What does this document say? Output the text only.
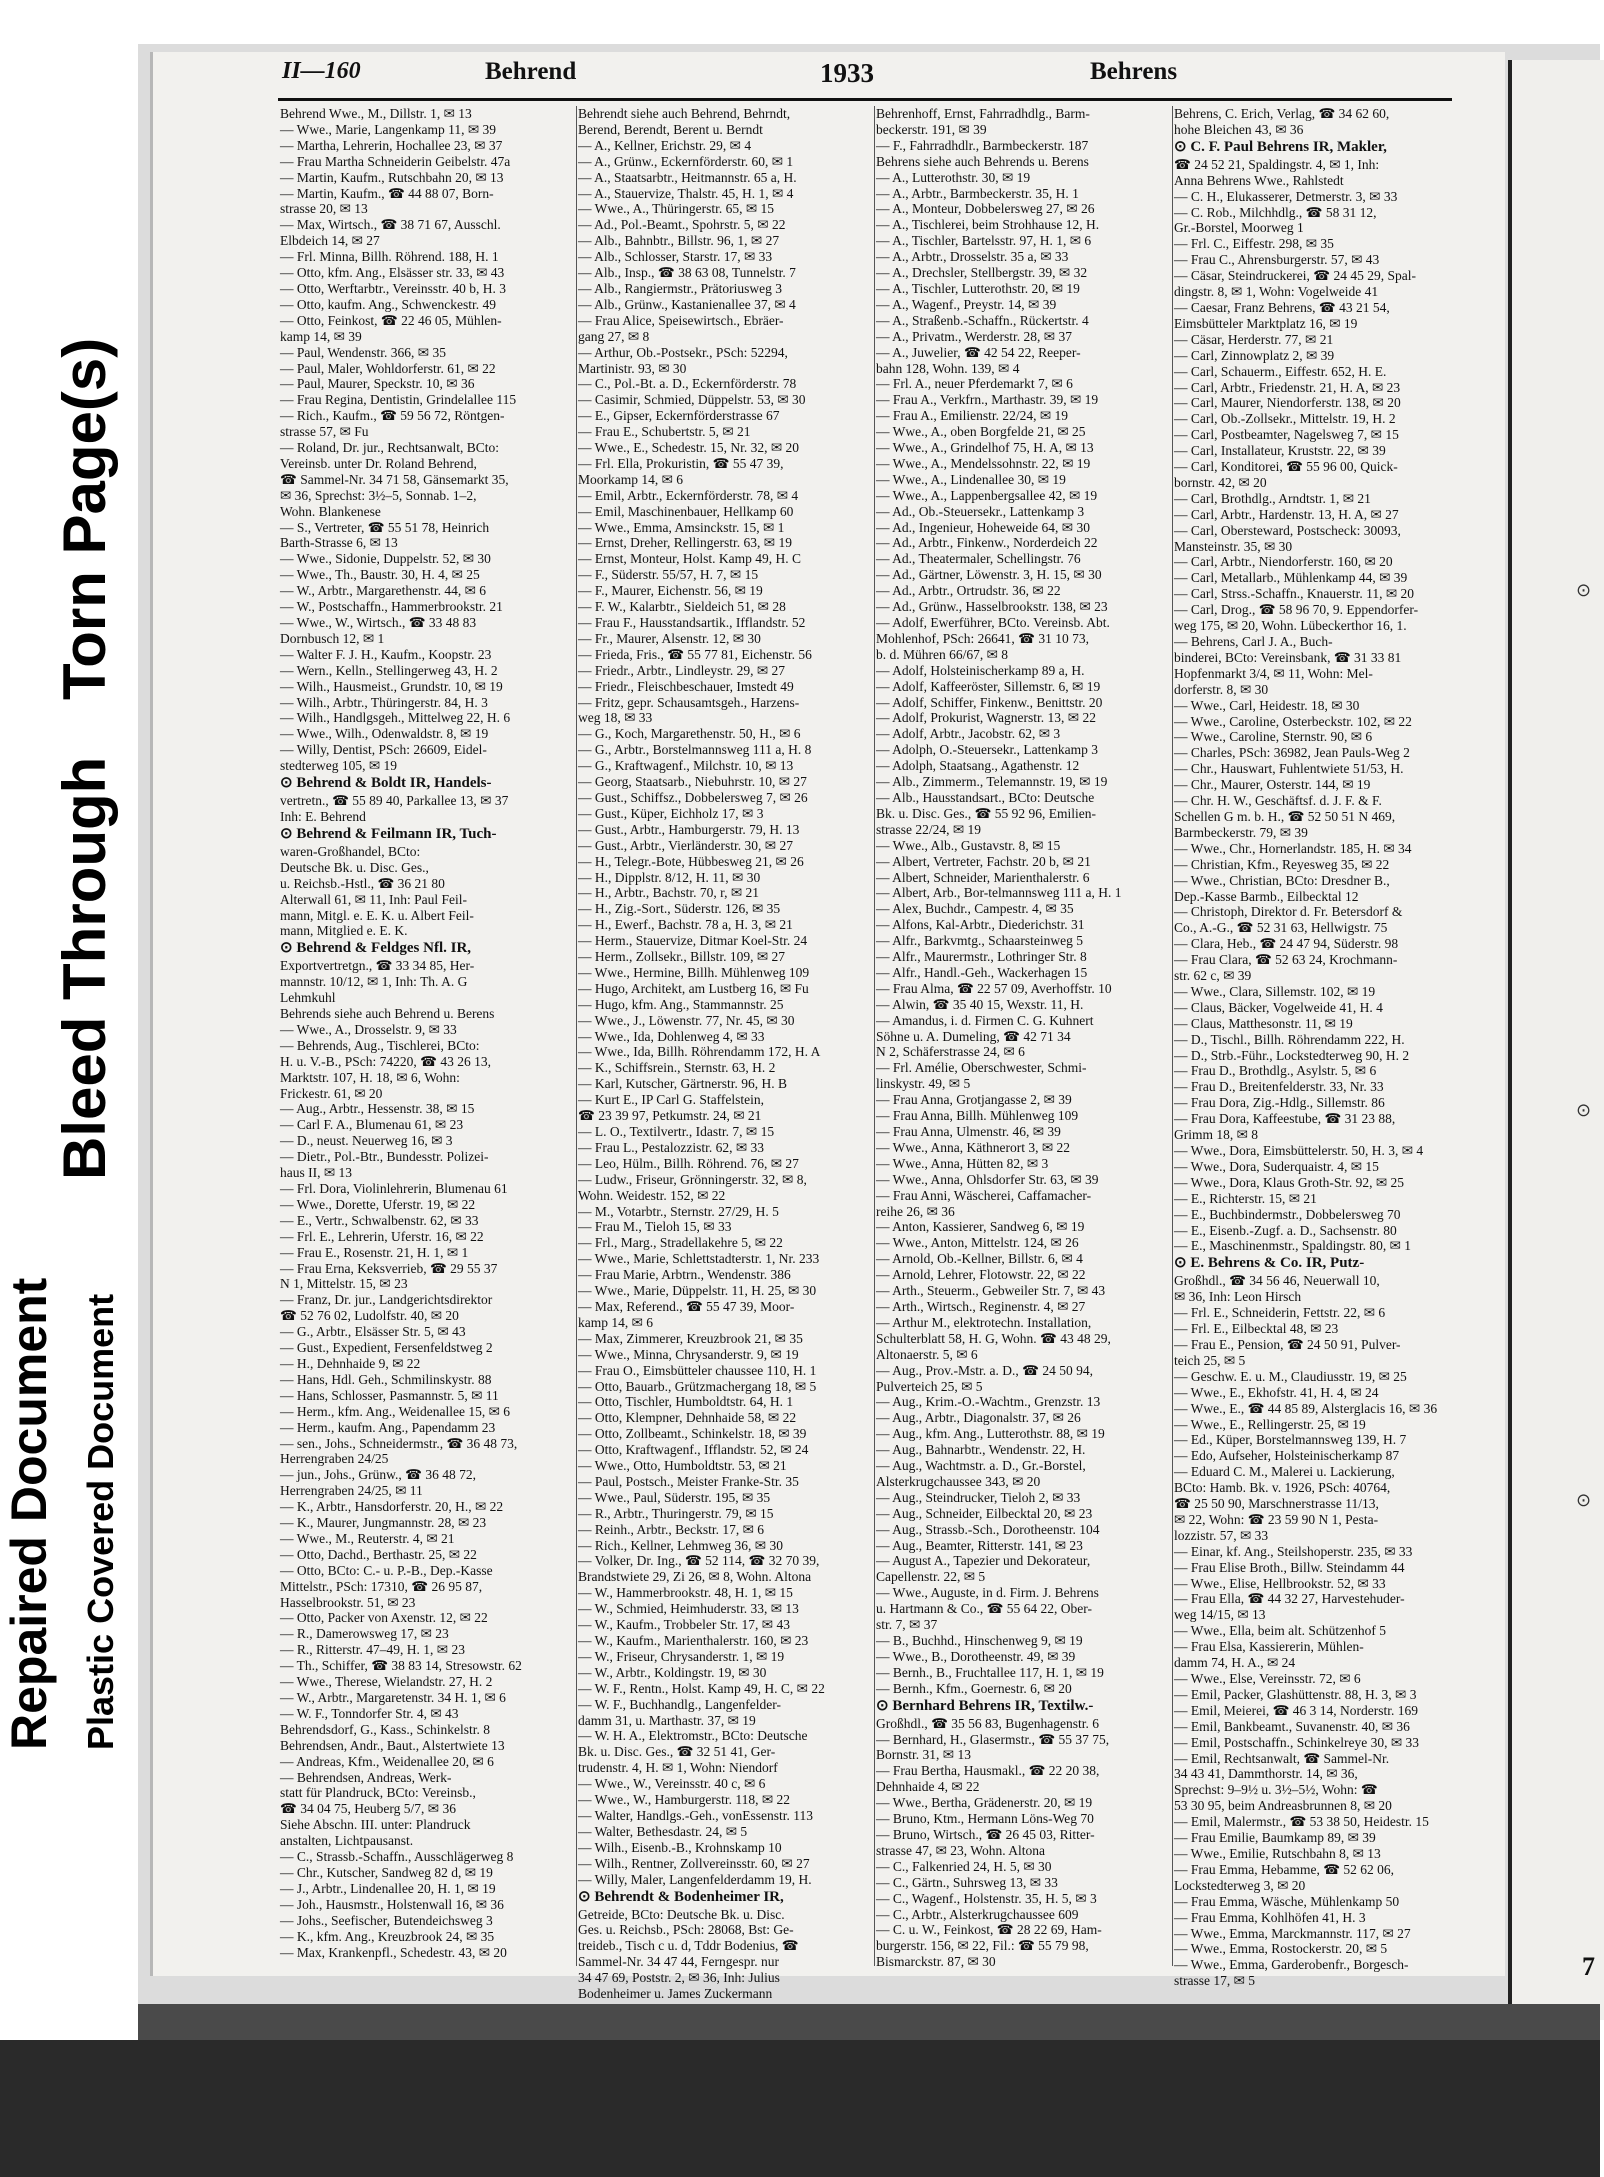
Repaired Document Plastic Covered Document
Bleed Through
Torn Page(s)	⊙
⊙
⊙
7
II—160	Behrend	1933	Behrens
Behrend Wwe., M., Dillstr. 1, ✉ 13
— Wwe., Marie, Langenkamp 11, ✉ 39
— Martha, Lehrerin, Hochallee 23, ✉ 37
— Frau Martha Schneiderin Geibelstr. 47a
— Martin, Kaufm., Rutschbahn 20, ✉ 13
— Martin, Kaufm., ☎ 44 88 07, Born-
strasse 20, ✉ 13
— Max, Wirtsch., ☎ 38 71 67, Ausschl.
Elbdeich 14, ✉ 27
— Frl. Minna, Billh. Röhrend. 188, H. 1
— Otto, kfm. Ang., Elsässer str. 33, ✉ 43
— Otto, Werftarbtr., Vereinsstr. 40 b, H. 3
— Otto, kaufm. Ang., Schwenckestr. 49
— Otto, Feinkost, ☎ 22 46 05, Mühlen-
kamp 14, ✉ 39
— Paul, Wendenstr. 366, ✉ 35
— Paul, Maler, Wohldorferstr. 61, ✉ 22
— Paul, Maurer, Speckstr. 10, ✉ 36
— Frau Regina, Dentistin, Grindelallee 115
— Rich., Kaufm., ☎ 59 56 72, Röntgen-
strasse 57, ✉ Fu
— Roland, Dr. jur., Rechtsanwalt, BCto:
Vereinsb. unter Dr. Roland Behrend,
☎ Sammel-Nr. 34 71 58, Gänsemarkt 35,
✉ 36, Sprechst: 3½–5, Sonnab. 1–2,
Wohn. Blankenese
— S., Vertreter, ☎ 55 51 78, Heinrich
Barth-Strasse 6, ✉ 13
— Wwe., Sidonie, Duppelstr. 52, ✉ 30
— Wwe., Th., Baustr. 30, H. 4, ✉ 25
— W., Arbtr., Margarethenstr. 44, ✉ 6
— W., Postschaffn., Hammerbrookstr. 21
— Wwe., W., Wirtsch., ☎ 33 48 83
Dornbusch 12, ✉ 1
— Walter F. J. H., Kaufm., Koopstr. 23
— Wern., Kelln., Stellingerweg 43, H. 2
— Wilh., Hausmeist., Grundstr. 10, ✉ 19
— Wilh., Arbtr., Thüringerstr. 84, H. 3
— Wilh., Handlgsgeh., Mittelweg 22, H. 6
— Wwe., Wilh., Odenwaldstr. 8, ✉ 19
— Willy, Dentist, PSch: 26609, Eidel-
stedterweg 105, ✉ 19
⊙ Behrend & Boldt IR, Handels-
vertretn., ☎ 55 89 40, Parkallee 13, ✉ 37
Inh: E. Behrend
⊙ Behrend & Feilmann IR, Tuch-
waren-Großhandel, BCto:
Deutsche Bk. u. Disc. Ges.,
u. Reichsb.-Hstl., ☎ 36 21 80
Alterwall 61, ✉ 11, Inh: Paul Feil-
mann, Mitgl. e. E. K. u. Albert Feil-
mann, Mitglied e. E. K.
⊙ Behrend & Feldges Nfl. IR,
Exportvertretgn., ☎ 33 34 85, Her-
mannstr. 10/12, ✉ 1, Inh: Th. A. G
Lehmkuhl
Behrends siehe auch Behrend u. Berens
— Wwe., A., Drosselstr. 9, ✉ 33
— Behrends, Aug., Tischlerei, BCto:
H. u. V.-B., PSch: 74220, ☎ 43 26 13,
Marktstr. 107, H. 18, ✉ 6, Wohn:
Frickestr. 61, ✉ 20
— Aug., Arbtr., Hessenstr. 38, ✉ 15
— Carl F. A., Blumenau 61, ✉ 23
— D., neust. Neuerweg 16, ✉ 3
— Dietr., Pol.-Btr., Bundesstr. Polizei-
haus II, ✉ 13
— Frl. Dora, Violinlehrerin, Blumenau 61
— Wwe., Dorette, Uferstr. 19, ✉ 22
— E., Vertr., Schwalbenstr. 62, ✉ 33
— Frl. E., Lehrerin, Uferstr. 16, ✉ 22
— Frau E., Rosenstr. 21, H. 1, ✉ 1
— Frau Erna, Keksverrieb, ☎ 29 55 37
N 1, Mittelstr. 15, ✉ 23
— Franz, Dr. jur., Landgerichtsdirektor
☎ 52 76 02, Ludolfstr. 40, ✉ 20
— G., Arbtr., Elsässer Str. 5, ✉ 43
— Gust., Expedient, Fersenfeldstweg 2
— H., Dehnhaide 9, ✉ 22
— Hans, Hdl. Geh., Schmilinskystr. 88
— Hans, Schlosser, Pasmannstr. 5, ✉ 11
— Herm., kfm. Ang., Weidenallee 15, ✉ 6
— Herm., kaufm. Ang., Papendamm 23
— sen., Johs., Schneidermstr., ☎ 36 48 73,
Herrengraben 24/25
— jun., Johs., Grünw., ☎ 36 48 72,
Herrengraben 24/25, ✉ 11
— K., Arbtr., Hansdorferstr. 20, H., ✉ 22
— K., Maurer, Jungmannstr. 28, ✉ 23
— Wwe., M., Reuterstr. 4, ✉ 21
— Otto, Dachd., Berthastr. 25, ✉ 22
— Otto, BCto: C.- u. P.-B., Dep.-Kasse
Mittelstr., PSch: 17310, ☎ 26 95 87,
Hasselbrookstr. 51, ✉ 23
— Otto, Packer von Axenstr. 12, ✉ 22
— R., Damerowsweg 17, ✉ 23
— R., Ritterstr. 47–49, H. 1, ✉ 23
— Th., Schiffer, ☎ 38 83 14, Stresowstr. 62
— Wwe., Therese, Wielandstr. 27, H. 2
— W., Arbtr., Margaretenstr. 34 H. 1, ✉ 6
— W. F., Tonndorfer Str. 4, ✉ 43
Behrendsdorf, G., Kass., Schinkelstr. 8
Behrendsen, Andr., Baut., Alstertwiete 13
— Andreas, Kfm., Weidenallee 20, ✉ 6
— Behrendsen, Andreas, Werk-
statt für Plandruck, BCto: Vereinsb.,
☎ 34 04 75, Heuberg 5/7, ✉ 36
Siehe Abschn. III. unter: Plandruck
anstalten, Lichtpausanst.
— C., Strassb.-Schaffn., Ausschlägerweg 8
— Chr., Kutscher, Sandweg 82 d, ✉ 19
— J., Arbtr., Lindenallee 20, H. 1, ✉ 19
— Joh., Hausmstr., Holstenwall 16, ✉ 36
— Johs., Seefischer, Butendeichsweg 3
— K., kfm. Ang., Kreuzbrook 24, ✉ 35
— Max, Krankenpfl., Schedestr. 43, ✉ 20
Behrendt siehe auch Behrend, Behrndt,
Berend, Berendt, Berent u. Berndt
— A., Kellner, Erichstr. 29, ✉ 4
— A., Grünw., Eckernförderstr. 60, ✉ 1
— A., Staatsarbtr., Heitmannstr. 65 a, H.
— A., Stauervize, Thalstr. 45, H. 1, ✉ 4
— Wwe., A., Thüringerstr. 65, ✉ 15
— Ad., Pol.-Beamt., Spohrstr. 5, ✉ 22
— Alb., Bahnbtr., Billstr. 96, 1, ✉ 27
— Alb., Schlosser, Starstr. 17, ✉ 33
— Alb., Insp., ☎ 38 63 08, Tunnelstr. 7
— Alb., Rangiermstr., Prätoriusweg 3
— Alb., Grünw., Kastanienallee 37, ✉ 4
— Frau Alice, Speisewirtsch., Ebräer-
gang 27, ✉ 8
— Arthur, Ob.-Postsekr., PSch: 52294,
Martinistr. 93, ✉ 30
— C., Pol.-Bt. a. D., Eckernförderstr. 78
— Casimir, Schmied, Düppelstr. 53, ✉ 30
— E., Gipser, Eckernförderstrasse 67
— Frau E., Schubertstr. 5, ✉ 21
— Wwe., E., Schedestr. 15, Nr. 32, ✉ 20
— Frl. Ella, Prokuristin, ☎ 55 47 39,
Moorkamp 14, ✉ 6
— Emil, Arbtr., Eckernförderstr. 78, ✉ 4
— Emil, Maschinenbauer, Hellkamp 60
— Wwe., Emma, Amsinckstr. 15, ✉ 1
— Ernst, Dreher, Rellingerstr. 63, ✉ 19
— Ernst, Monteur, Holst. Kamp 49, H. C
— F., Süderstr. 55/57, H. 7, ✉ 15
— F., Maurer, Eichenstr. 56, ✉ 19
— F. W., Kalarbtr., Sieldeich 51, ✉ 28
— Frau F., Hausstandsartik., Ifflandstr. 52
— Fr., Maurer, Alsenstr. 12, ✉ 30
— Frieda, Fris., ☎ 55 77 81, Eichenstr. 56
— Friedr., Arbtr., Lindleystr. 29, ✉ 27
— Friedr., Fleischbeschauer, Imstedt 49
— Fritz, gepr. Schausamtsgeh., Harzens-
weg 18, ✉ 33
— G., Koch, Margarethenstr. 50, H., ✉ 6
— G., Arbtr., Borstelmannsweg 111 a, H. 8
— G., Kraftwagenf., Milchstr. 10, ✉ 13
— Georg, Staatsarb., Niebuhrstr. 10, ✉ 27
— Gust., Schiffsz., Dobbelersweg 7, ✉ 26
— Gust., Küper, Eichholz 17, ✉ 3
— Gust., Arbtr., Hamburgerstr. 79, H. 13
— Gust., Arbtr., Vierländerstr. 30, ✉ 27
— H., Telegr.-Bote, Hübbesweg 21, ✉ 26
— H., Dipplstr. 8/12, H. 11, ✉ 30
— H., Arbtr., Bachstr. 70, r, ✉ 21
— H., Zig.-Sort., Süderstr. 126, ✉ 35
— H., Ewerf., Bachstr. 78 a, H. 3, ✉ 21
— Herm., Stauervize, Ditmar Koel-Str. 24
— Herm., Zollsekr., Billstr. 109, ✉ 27
— Wwe., Hermine, Billh. Mühlenweg 109
— Hugo, Architekt, am Lustberg 16, ✉ Fu
— Hugo, kfm. Ang., Stammannstr. 25
— Wwe., J., Löwenstr. 77, Nr. 45, ✉ 30
— Wwe., Ida, Dohlenweg 4, ✉ 33
— Wwe., Ida, Billh. Röhrendamm 172, H. A
— K., Schiffsrein., Sternstr. 63, H. 2
— Karl, Kutscher, Gärtnerstr. 96, H. B
— Kurt E., IP Carl G. Staffelstein,
☎ 23 39 97, Petkumstr. 24, ✉ 21
— L. O., Textilvertr., Idastr. 7, ✉ 15
— Frau L., Pestalozzistr. 62, ✉ 33
— Leo, Hülm., Billh. Röhrend. 76, ✉ 27
— Ludw., Friseur, Grönningerstr. 32, ✉ 8,
Wohn. Weidestr. 152, ✉ 22
— M., Votarbtr., Sternstr. 27/29, H. 5
— Frau M., Tieloh 15, ✉ 33
— Frl., Marg., Stradellakehre 5, ✉ 22
— Wwe., Marie, Schlettstadterstr. 1, Nr. 233
— Frau Marie, Arbtrn., Wendenstr. 386
— Wwe., Marie, Düppelstr. 11, H. 25, ✉ 30
— Max, Referend., ☎ 55 47 39, Moor-
kamp 14, ✉ 6
— Max, Zimmerer, Kreuzbrook 21, ✉ 35
— Wwe., Minna, Chrysanderstr. 9, ✉ 19
— Frau O., Eimsbütteler chaussee 110, H. 1
— Otto, Bauarb., Grützmachergang 18, ✉ 5
— Otto, Tischler, Humboldtstr. 64, H. 1
— Otto, Klempner, Dehnhaide 58, ✉ 22
— Otto, Zollbeamt., Schinkelstr. 18, ✉ 39
— Otto, Kraftwagenf., Ifflandstr. 52, ✉ 24
— Wwe., Otto, Humboldtstr. 53, ✉ 21
— Paul, Postsch., Meister Franke-Str. 35
— Wwe., Paul, Süderstr. 195, ✉ 35
— R., Arbtr., Thuringerstr. 79, ✉ 15
— Reinh., Arbtr., Beckstr. 17, ✉ 6
— Rich., Kellner, Lehmweg 36, ✉ 30
— Volker, Dr. Ing., ☎ 52 114, ☎ 32 70 39,
Brandstwiete 29, Zi 26, ✉ 8, Wohn. Altona
— W., Hammerbrookstr. 48, H. 1, ✉ 15
— W., Schmied, Heimhuderstr. 33, ✉ 13
— W., Kaufm., Trobbeler Str. 17, ✉ 43
— W., Kaufm., Marienthalerstr. 160, ✉ 23
— W., Friseur, Chrysanderstr. 1, ✉ 19
— W., Arbtr., Koldingstr. 19, ✉ 30
— W. F., Rentn., Holst. Kamp 49, H. C, ✉ 22
— W. F., Buchhandlg., Langenfelder-
damm 31, u. Marthastr. 37, ✉ 19
— W. H. A., Elektromstr., BCto: Deutsche
Bk. u. Disc. Ges., ☎ 32 51 41, Ger-
trudenstr. 4, H. ✉ 1, Wohn: Niendorf
— Wwe., W., Vereinsstr. 40 c, ✉ 6
— Wwe., W., Hamburgerstr. 118, ✉ 22
— Walter, Handlgs.-Geh., vonEssenstr. 113
— Walter, Bethesdastr. 24, ✉ 5
— Wilh., Eisenb.-B., Krohnskamp 10
— Wilh., Rentner, Zollvereinsstr. 60, ✉ 27
— Willy, Maler, Langenfelderdamm 19, H.
⊙ Behrendt & Bodenheimer IR,
Getreide, BCto: Deutsche Bk. u. Disc.
Ges. u. Reichsb., PSch: 28068, Bst: Ge-
treideb., Tisch c u. d, Tddr Bodenius, ☎
Sammel-Nr. 34 47 44, Ferngespr. nur
34 47 69, Poststr. 2, ✉ 36, Inh: Julius
Bodenheimer u. James Zuckermann
Behrenhoff, Ernst, Fahrradhdlg., Barm-
beckerstr. 191, ✉ 39
— F., Fahrradhdlr., Barmbeckerstr. 187
Behrens siehe auch Behrends u. Berens
— A., Lutterothstr. 30, ✉ 19
— A., Arbtr., Barmbeckerstr. 35, H. 1
— A., Monteur, Dobbelersweg 27, ✉ 26
— A., Tischlerei, beim Strohhause 12, H.
— A., Tischler, Bartelsstr. 97, H. 1, ✉ 6
— A., Arbtr., Drosselstr. 35 a, ✉ 33
— A., Drechsler, Stellbergstr. 39, ✉ 32
— A., Tischler, Lutterothstr. 20, ✉ 19
— A., Wagenf., Preystr. 14, ✉ 39
— A., Straßenb.-Schaffn., Rückertstr. 4
— A., Privatm., Werderstr. 28, ✉ 37
— A., Juwelier, ☎ 42 54 22, Reeper-
bahn 128, Wohn. 139, ✉ 4
— Frl. A., neuer Pferdemarkt 7, ✉ 6
— Frau A., Verkfrn., Marthastr. 39, ✉ 19
— Frau A., Emilienstr. 22/24, ✉ 19
— Wwe., A., oben Borgfelde 21, ✉ 25
— Wwe., A., Grindelhof 75, H. A, ✉ 13
— Wwe., A., Mendelssohnstr. 22, ✉ 19
— Wwe., A., Lindenallee 30, ✉ 19
— Wwe., A., Lappenbergsallee 42, ✉ 19
— Ad., Ob.-Steuersekr., Lattenkamp 3
— Ad., Ingenieur, Hoheweide 64, ✉ 30
— Ad., Arbtr., Finkenw., Norderdeich 22
— Ad., Theatermaler, Schellingstr. 76
— Ad., Gärtner, Löwenstr. 3, H. 15, ✉ 30
— Ad., Arbtr., Ortrudstr. 36, ✉ 22
— Ad., Grünw., Hasselbrookstr. 138, ✉ 23
— Adolf, Ewerführer, BCto. Vereinsb. Abt.
Mohlenhof, PSch: 26641, ☎ 31 10 73,
b. d. Mühren 66/67, ✉ 8
— Adolf, Holsteinischerkamp 89 a, H.
— Adolf, Kaffeeröster, Sillemstr. 6, ✉ 19
— Adolf, Schiffer, Finkenw., Benittstr. 20
— Adolf, Prokurist, Wagnerstr. 13, ✉ 22
— Adolf, Arbtr., Jacobstr. 62, ✉ 3
— Adolph, O.-Steuersekr., Lattenkamp 3
— Adolph, Staatsang., Agathenstr. 12
— Alb., Zimmerm., Telemannstr. 19, ✉ 19
— Alb., Hausstandsart., BCto: Deutsche
Bk. u. Disc. Ges., ☎ 55 92 96, Emilien-
strasse 22/24, ✉ 19
— Wwe., Alb., Gustavstr. 8, ✉ 15
— Albert, Vertreter, Fachstr. 20 b, ✉ 21
— Albert, Schneider, Marienthalerstr. 6
— Albert, Arb., Bor-telmannsweg 111 a, H. 1
— Alex, Buchdr., Campestr. 4, ✉ 35
— Alfons, Kal-Arbtr., Diederichstr. 31
— Alfr., Barkvmtg., Schaarsteinweg 5
— Alfr., Maurermstr., Lothringer Str. 8
— Alfr., Handl.-Geh., Wackerhagen 15
— Frau Alma, ☎ 22 57 09, Averhoffstr. 10
— Alwin, ☎ 35 40 15, Wexstr. 11, H.
— Amandus, i. d. Firmen C. G. Kuhnert
Söhne u. A. Dumeling, ☎ 42 71 34
N 2, Schäferstrasse 24, ✉ 6
— Frl. Amélie, Oberschwester, Schmi-
linskystr. 49, ✉ 5
— Frau Anna, Grotjangasse 2, ✉ 39
— Frau Anna, Billh. Mühlenweg 109
— Frau Anna, Ulmenstr. 46, ✉ 39
— Wwe., Anna, Käthnerort 3, ✉ 22
— Wwe., Anna, Hütten 82, ✉ 3
— Wwe., Anna, Ohlsdorfer Str. 63, ✉ 39
— Frau Anni, Wäscherei, Caffamacher-
reihe 26, ✉ 36
— Anton, Kassierer, Sandweg 6, ✉ 19
— Wwe., Anton, Mittelstr. 124, ✉ 26
— Arnold, Ob.-Kellner, Billstr. 6, ✉ 4
— Arnold, Lehrer, Flotowstr. 22, ✉ 22
— Arth., Steuerm., Gebweiler Str. 7, ✉ 43
— Arth., Wirtsch., Reginenstr. 4, ✉ 27
— Arthur M., elektrotechn. Installation,
Schulterblatt 58, H. G, Wohn. ☎ 43 48 29,
Altonaerstr. 5, ✉ 6
— Aug., Prov.-Mstr. a. D., ☎ 24 50 94,
Pulverteich 25, ✉ 5
— Aug., Krim.-O.-Wachtm., Grenzstr. 13
— Aug., Arbtr., Diagonalstr. 37, ✉ 26
— Aug., kfm. Ang., Lutterothstr. 88, ✉ 19
— Aug., Bahnarbtr., Wendenstr. 22, H.
— Aug., Wachtmstr. a. D., Gr.-Borstel,
Alsterkrugchaussee 343, ✉ 20
— Aug., Steindrucker, Tieloh 2, ✉ 33
— Aug., Schneider, Eilbecktal 20, ✉ 23
— Aug., Strassb.-Sch., Dorotheenstr. 104
— Aug., Beamter, Ritterstr. 141, ✉ 23
— August A., Tapezier und Dekorateur,
Capellenstr. 22, ✉ 5
— Wwe., Auguste, in d. Firm. J. Behrens
u. Hartmann & Co., ☎ 55 64 22, Ober-
str. 7, ✉ 37
— B., Buchhd., Hinschenweg 9, ✉ 19
— Wwe., B., Dorotheenstr. 49, ✉ 39
— Bernh., B., Fruchtallee 117, H. 1, ✉ 19
— Bernh., Kfm., Goernestr. 6, ✉ 20
⊙ Bernhard Behrens IR, Textilw.-
Großhdl., ☎ 35 56 83, Bugenhagenstr. 6
— Bernhard, H., Glasermstr., ☎ 55 37 75,
Bornstr. 31, ✉ 13
— Frau Bertha, Hausmakl., ☎ 22 20 38,
Dehnhaide 4, ✉ 22
— Wwe., Bertha, Grädenerstr. 20, ✉ 19
— Bruno, Ktm., Hermann Löns-Weg 70
— Bruno, Wirtsch., ☎ 26 45 03, Ritter-
strasse 47, ✉ 23, Wohn. Altona
— C., Falkenried 24, H. 5, ✉ 30
— C., Gärtn., Suhrsweg 13, ✉ 33
— C., Wagenf., Holstenstr. 35, H. 5, ✉ 3
— C., Arbtr., Alsterkrugchaussee 609
— C. u. W., Feinkost, ☎ 28 22 69, Ham-
burgerstr. 156, ✉ 22, Fil.: ☎ 55 79 98,
Bismarckstr. 87, ✉ 30
Behrens, C. Erich, Verlag, ☎ 34 62 60,
hohe Bleichen 43, ✉ 36
⊙ C. F. Paul Behrens IR, Makler,
☎ 24 52 21, Spaldingstr. 4, ✉ 1, Inh:
Anna Behrens Wwe., Rahlstedt
— C. H., Elukasserer, Detmerstr. 3, ✉ 33
— C. Rob., Milchhdlg., ☎ 58 31 12,
Gr.-Borstel, Moorweg 1
— Frl. C., Eiffestr. 298, ✉ 35
— Frau C., Ahrensburgerstr. 57, ✉ 43
— Cäsar, Steindruckerei, ☎ 24 45 29, Spal-
dingstr. 8, ✉ 1, Wohn: Vogelweide 41
— Caesar, Franz Behrens, ☎ 43 21 54,
Eimsbütteler Marktplatz 16, ✉ 19
— Cäsar, Herderstr. 77, ✉ 21
— Carl, Zinnowplatz 2, ✉ 39
— Carl, Schauerm., Eiffestr. 652, H. E.
— Carl, Arbtr., Friedenstr. 21, H. A, ✉ 23
— Carl, Maurer, Niendorferstr. 138, ✉ 20
— Carl, Ob.-Zollsekr., Mittelstr. 19, H. 2
— Carl, Postbeamter, Nagelsweg 7, ✉ 15
— Carl, Installateur, Kruststr. 22, ✉ 39
— Carl, Konditorei, ☎ 55 96 00, Quick-
bornstr. 42, ✉ 20
— Carl, Brothdlg., Arndtstr. 1, ✉ 21
— Carl, Arbtr., Hardenstr. 13, H. A, ✉ 27
— Carl, Obersteward, Postscheck: 30093,
Mansteinstr. 35, ✉ 30
— Carl, Arbtr., Niendorferstr. 160, ✉ 20
— Carl, Metallarb., Mühlenkamp 44, ✉ 39
— Carl, Strss.-Schaffn., Knauerstr. 11, ✉ 20
— Carl, Drog., ☎ 58 96 70, 9. Eppendorfer-
weg 175, ✉ 20, Wohn. Lübeckerthor 16, 1.
— Behrens, Carl J. A., Buch-
binderei, BCto: Vereinsbank, ☎ 31 33 81
Hopfenmarkt 3/4, ✉ 11, Wohn: Mel-
dorferstr. 8, ✉ 30
— Wwe., Carl, Heidestr. 18, ✉ 30
— Wwe., Caroline, Osterbeckstr. 102, ✉ 22
— Wwe., Caroline, Sternstr. 90, ✉ 6
— Charles, PSch: 36982, Jean Pauls-Weg 2
— Chr., Hauswart, Fuhlentwiete 51/53, H.
— Chr., Maurer, Osterstr. 144, ✉ 19
— Chr. H. W., Geschäftsf. d. J. F. & F.
Schellen G m. b. H., ☎ 52 50 51 N 469,
Barmbeckerstr. 79, ✉ 39
— Wwe., Chr., Hornerlandstr. 185, H. ✉ 34
— Christian, Kfm., Reyesweg 35, ✉ 22
— Wwe., Christian, BCto: Dresdner B.,
Dep.-Kasse Barmb., Eilbecktal 12
— Christoph, Direktor d. Fr. Betersdorf &
Co., A.-G., ☎ 52 31 63, Hellwigstr. 75
— Clara, Heb., ☎ 24 47 94, Süderstr. 98
— Frau Clara, ☎ 52 63 24, Krochmann-
str. 62 c, ✉ 39
— Wwe., Clara, Sillemstr. 102, ✉ 19
— Claus, Bäcker, Vogelweide 41, H. 4
— Claus, Matthesonstr. 11, ✉ 19
— D., Tischl., Billh. Röhrendamm 222, H.
— D., Strb.-Führ., Lockstedterweg 90, H. 2
— Frau D., Brothdlg., Asylstr. 5, ✉ 6
— Frau D., Breitenfelderstr. 33, Nr. 33
— Frau Dora, Zig.-Hdlg., Sillemstr. 86
— Frau Dora, Kaffeestube, ☎ 31 23 88,
Grimm 18, ✉ 8
— Wwe., Dora, Eimsbüttelerstr. 50, H. 3, ✉ 4
— Wwe., Dora, Suderquaistr. 4, ✉ 15
— Wwe., Dora, Klaus Groth-Str. 92, ✉ 25
— E., Richterstr. 15, ✉ 21
— E., Buchbindermstr., Dobbelersweg 70
— E., Eisenb.-Zugf. a. D., Sachsenstr. 80
— E., Maschinenmstr., Spaldingstr. 80, ✉ 1
⊙ E. Behrens & Co. IR, Putz-
Großhdl., ☎ 34 56 46, Neuerwall 10,
✉ 36, Inh: Leon Hirsch
— Frl. E., Schneiderin, Fettstr. 22, ✉ 6
— Frl. E., Eilbecktal 48, ✉ 23
— Frau E., Pension, ☎ 24 50 91, Pulver-
teich 25, ✉ 5
— Geschw. E. u. M., Claudiusstr. 19, ✉ 25
— Wwe., E., Ekhofstr. 41, H. 4, ✉ 24
— Wwe., E., ☎ 44 85 89, Alsterglacis 16, ✉ 36
— Wwe., E., Rellingerstr. 25, ✉ 19
— Ed., Küper, Borstelmannsweg 139, H. 7
— Edo, Aufseher, Holsteinischerkamp 87
— Eduard C. M., Malerei u. Lackierung,
BCto: Hamb. Bk. v. 1926, PSch: 40764,
☎ 25 50 90, Marschnerstrasse 11/13,
✉ 22, Wohn: ☎ 23 59 90 N 1, Pesta-
lozzistr. 57, ✉ 33
— Einar, kf. Ang., Steilshoperstr. 235, ✉ 33
— Frau Elise Broth., Billw. Steindamm 44
— Wwe., Elise, Hellbrookstr. 52, ✉ 33
— Frau Ella, ☎ 44 32 27, Harvestehuder-
weg 14/15, ✉ 13
— Wwe., Ella, beim alt. Schützenhof 5
— Frau Elsa, Kassiererin, Mühlen-
damm 74, H. A., ✉ 24
— Wwe., Else, Vereinsstr. 72, ✉ 6
— Emil, Packer, Glashüttenstr. 88, H. 3, ✉ 3
— Emil, Meierei, ☎ 46 3 14, Norderstr. 169
— Emil, Bankbeamt., Suvanenstr. 40, ✉ 36
— Emil, Postschaffn., Schinkelreye 30, ✉ 33
— Emil, Rechtsanwalt, ☎ Sammel-Nr.
34 43 41, Dammthorstr. 14, ✉ 36,
Sprechst: 9–9½ u. 3½–5½, Wohn: ☎
53 30 95, beim Andreasbrunnen 8, ✉ 20
— Emil, Malermstr., ☎ 53 38 50, Heidestr. 15
— Frau Emilie, Baumkamp 89, ✉ 39
— Wwe., Emilie, Rutschbahn 8, ✉ 13
— Frau Emma, Hebamme, ☎ 52 62 06,
Lockstedterweg 3, ✉ 20
— Frau Emma, Wäsche, Mühlenkamp 50
— Frau Emma, Kohlhöfen 41, H. 3
— Wwe., Emma, Marckmannstr. 117, ✉ 27
— Wwe., Emma, Rostockerstr. 20, ✉ 5
— Wwe., Emma, Garderobenfr., Borgesch-
strasse 17, ✉ 5
